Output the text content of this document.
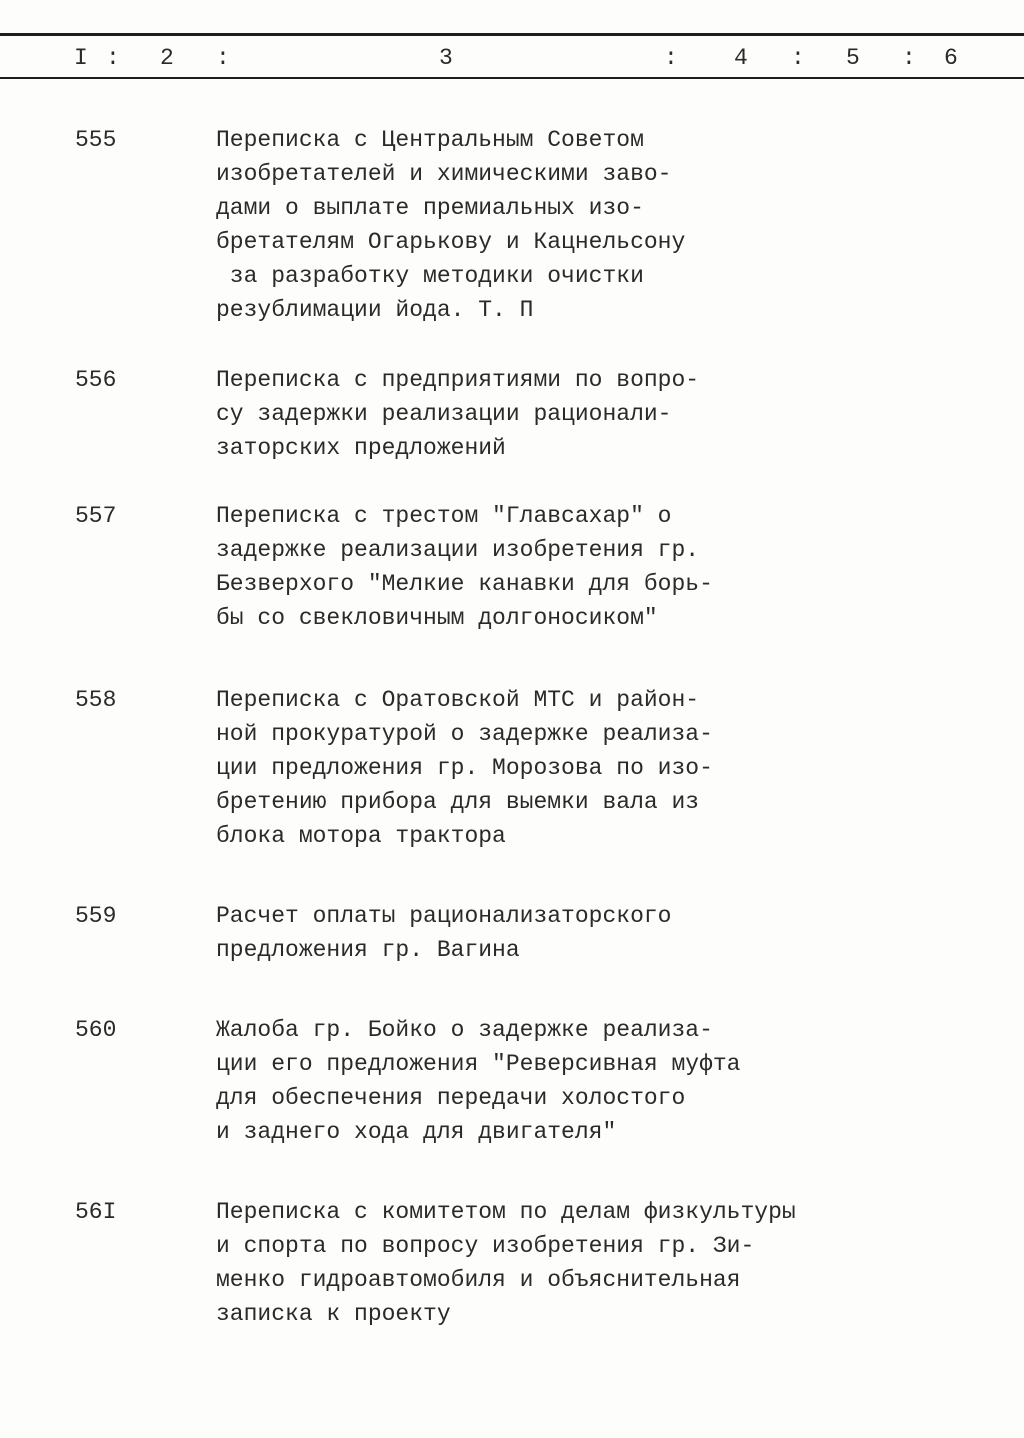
I : 2 :	3	: 4 : 5 : 6
555	Переписка с Центральным Советом
изобретателей и химическими заво-
дами о выплате премиальных изо-
бретателям Огарькову и Кацнельсону
за разработку методики очистки
резублимации йода. Т. П
556	Переписка с предприятиями по вопро-
су задержки реализации рационали-
заторских предложений
557	Переписка с трестом "Главсахар" о
задержке реализации изобретения гр.
Безверхого "Мелкие канавки для борь-
бы со свекловичным долгоносиком"
558	Переписка с Оратовской МТС и район-
ной прокуратурой о задержке реализа-
ции предложения гр. Морозова по изо-
бретению прибора для выемки вала из
блока мотора трактора
559	Расчет оплаты рационализаторского
предложения гр. Вагина
560	Жалоба гр. Бойко о задержке реализа-
ции его предложения "Реверсивная муфта
для обеспечения передачи холостого
и заднего хода для двигателя"
56I	Переписка с комитетом по делам физкультуры
и спорта по вопросу изобретения гр. Зи-
менко гидроавтомобиля и объяснительная
записка к проекту
